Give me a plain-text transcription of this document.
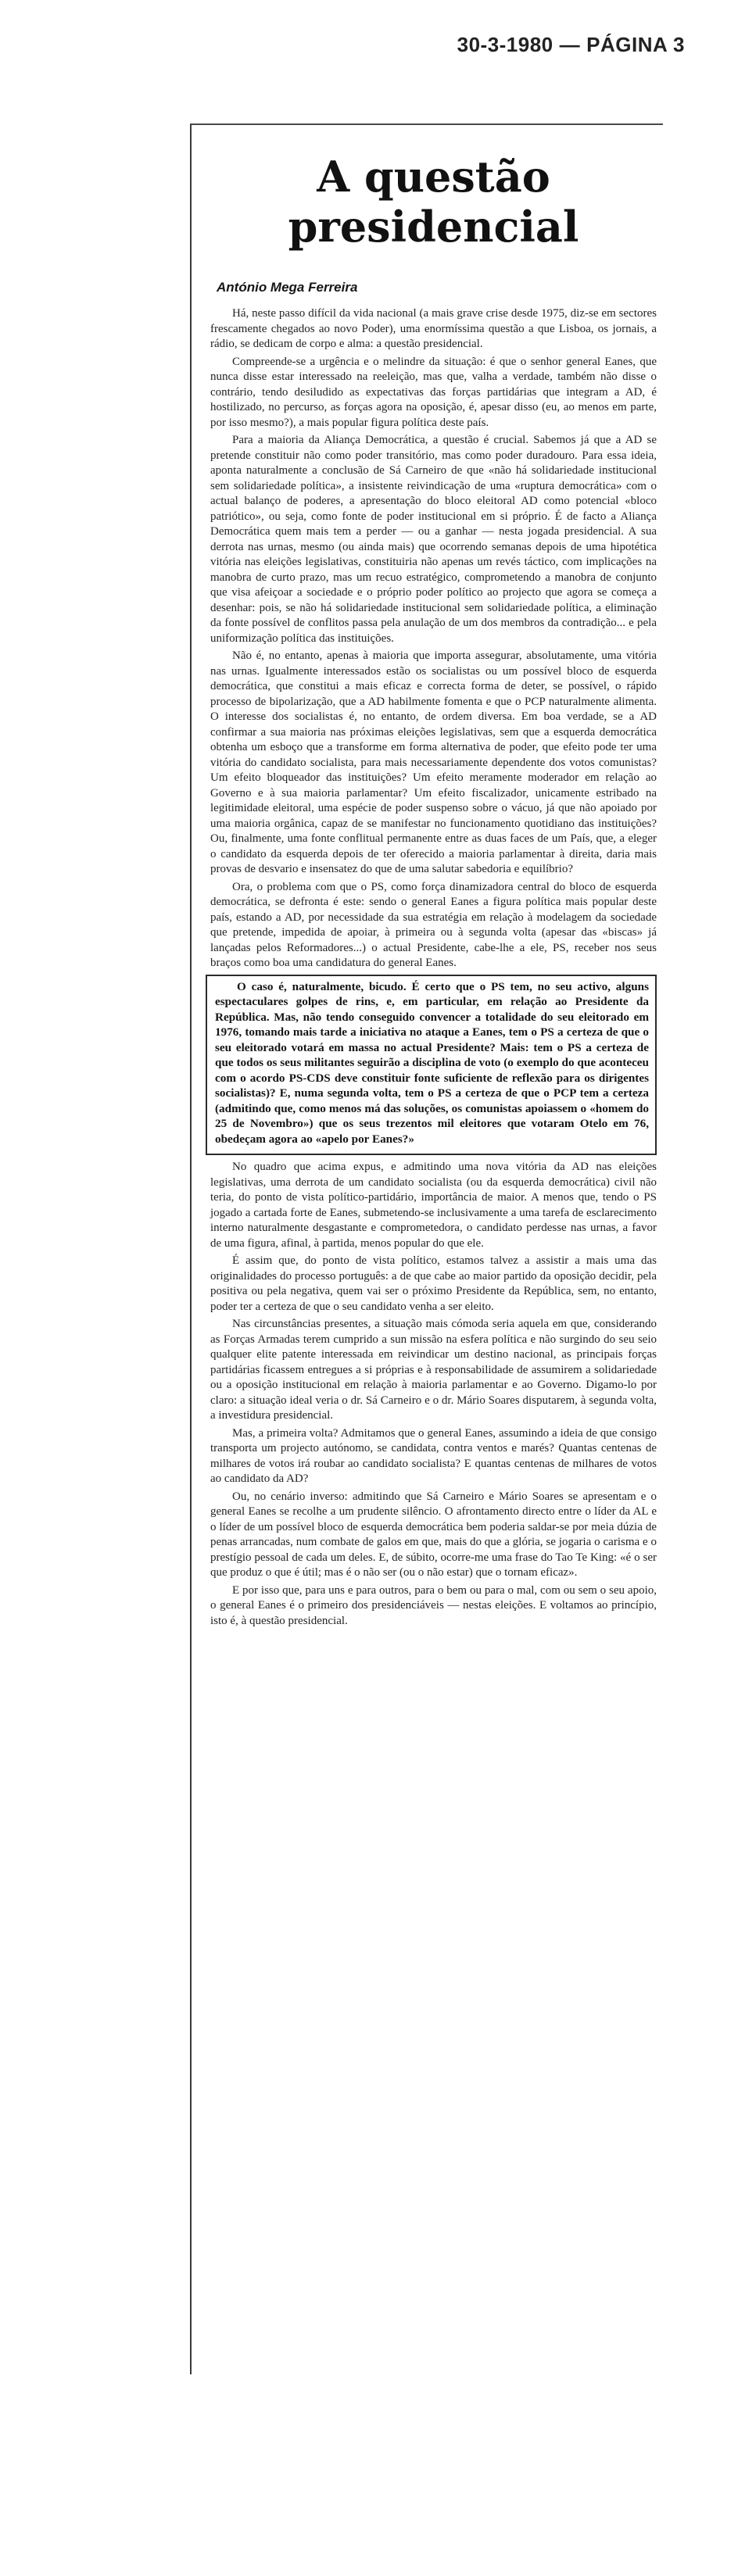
30-3-1980 — PÁGINA 3
A questão
presidencial
António Mega Ferreira

Há, neste passo difícil da vida nacional (a mais grave crise desde 1975, diz-se em sectores frescamente chegados ao novo Poder), uma enormíssima questão a que Lisboa, os jornais, a rádio, se dedicam de corpo e alma: a questão presidencial.

Compreende-se a urgência e o melindre da situação: é que o senhor general Eanes, que nunca disse estar interessado na reeleição, mas que, valha a verdade, também não disse o contrário, tendo desiludido as expectativas das forças partidárias que integram a AD, é hostilizado, no percurso, as forças agora na oposição, é, apesar disso (eu, ao menos em parte, por isso mesmo?), a mais popular figura política deste país.

Para a maioria da Aliança Democrática, a questão é crucial. Sabemos já que a AD se pretende constituir não como poder transitório, mas como poder duradouro. Para essa ideia, aponta naturalmente a conclusão de Sá Carneiro de que «não há solidariedade institucional sem solidariedade política», a insistente reivindicação de uma «ruptura democrática» com o actual balanço de poderes, a apresentação do bloco eleitoral AD como potencial «bloco patriótico», ou seja, como fonte de poder institucional em si próprio. É de facto a Aliança Democrática quem mais tem a perder — ou a ganhar — nesta jogada presidencial. A sua derrota nas urnas, mesmo (ou ainda mais) que ocorrendo semanas depois de uma hipotética vitória nas eleições legislativas, constituiria não apenas um revés táctico, com implicações na manobra de curto prazo, mas um recuo estratégico, comprometendo a manobra de conjunto que visa afeiçoar a sociedade e o próprio poder político ao projecto que agora se começa a desenhar: pois, se não há solidariedade institucional sem solidariedade política, a eliminação da fonte possível de conflitos passa pela anulação de um dos membros da contradição... e pela uniformização política das instituições.

Não é, no entanto, apenas à maioria que importa assegurar, absolutamente, uma vitória nas urnas. Igualmente interessados estão os socialistas ou um possível bloco de esquerda democrática, que constitui a mais eficaz e correcta forma de deter, se possível, o rápido processo de bipolarização, que a AD habilmente fomenta e que o PCP naturalmente alimenta. O interesse dos socialistas é, no entanto, de ordem diversa. Em boa verdade, se a AD confirmar a sua maioria nas próximas eleições legislativas, sem que a esquerda democrática obtenha um esboço que a transforme em forma alternativa de poder, que efeito pode ter uma vitória do candidato socialista, para mais necessariamente dependente dos votos comunistas? Um efeito bloqueador das instituições? Um efeito meramente moderador em relação ao Governo e à sua maioria parlamentar? Um efeito fiscalizador, unicamente estribado na legitimidade eleitoral, uma espécie de poder suspenso sobre o vácuo, já que não apoiado por uma maioria orgânica, capaz de se manifestar no funcionamento quotidiano das instituições? Ou, finalmente, uma fonte conflitual permanente entre as duas faces de um País, que, a eleger o candidato da esquerda depois de ter oferecido a maioria parlamentar à direita, daria mais provas de desvario e insensatez do que de uma salutar sabedoria e equilíbrio?

Ora, o problema com que o PS, como força dinamizadora central do bloco de esquerda democrática, se defronta é este: sendo o general Eanes a figura política mais popular deste país, estando a AD, por necessidade da sua estratégia em relação à modelagem da sociedade que pretende, impedida de apoiar, à primeira ou à segunda volta (apesar das «biscas» já lançadas pelos Reformadores...) o actual Presidente, cabe-lhe a ele, PS, receber nos seus braços como boa uma candidatura do general Eanes.

O caso é, naturalmente, bicudo. É certo que o PS tem, no seu activo, alguns espectaculares golpes de rins, e, em particular, em relação ao Presidente da República. Mas, não tendo conseguido convencer a totalidade do seu eleitorado em 1976, tomando mais tarde a iniciativa no ataque a Eanes, tem o PS a certeza de que o seu eleitorado votará em massa no actual Presidente? Mais: tem o PS a certeza de que todos os seus militantes seguirão a disciplina de voto (o exemplo do que aconteceu com o acordo PS-CDS deve constituir fonte suficiente de reflexão para os dirigentes socialistas)? E, numa segunda volta, tem o PS a certeza de que o PCP tem a certeza (admitindo que, como menos má das soluções, os comunistas apoiassem o «homem do 25 de Novembro») que os seus trezentos mil eleitores que votaram Otelo em 76, obedeçam agora ao «apelo por Eanes?»

No quadro que acima expus, e admitindo uma nova vitória da AD nas eleições legislativas, uma derrota de um candidato socialista (ou da esquerda democrática) civil não teria, do ponto de vista político-partidário, importância de maior. A menos que, tendo o PS jogado a cartada forte de Eanes, submetendo-se inclusivamente a uma tarefa de esclarecimento interno naturalmente desgastante e comprometedora, o candidato perdesse nas urnas, a favor de uma figura, afinal, à partida, menos popular do que ele.

É assim que, do ponto de vista político, estamos talvez a assistir a mais uma das originalidades do processo português: a de que cabe ao maior partido da oposição decidir, pela positiva ou pela negativa, quem vai ser o próximo Presidente da República, sem, no entanto, poder ter a certeza de que o seu candidato venha a ser eleito.

Nas circunstâncias presentes, a situação mais cómoda seria aquela em que, considerando as Forças Armadas terem cumprido a sun missão na esfera política e não surgindo do seu seio qualquer elite patente interessada em reivindicar um destino nacional, as principais forças partidárias ficassem entregues a si próprias e à responsabilidade de assumirem a solidariedade ou a oposição institucional em relação à maioria parlamentar e ao Governo. Digamo-lo por claro: a situação ideal veria o dr. Sá Carneiro e o dr. Mário Soares disputarem, à segunda volta, a investidura presidencial.

Mas, a primeira volta? Admitamos que o general Eanes, assumindo a ideia de que consigo transporta um projecto autónomo, se candidata, contra ventos e marés? Quantas centenas de milhares de votos irá roubar ao candidato socialista? E quantas centenas de milhares de votos ao candidato da AD?

Ou, no cenário inverso: admitindo que Sá Carneiro e Mário Soares se apresentam e o general Eanes se recolhe a um prudente silêncio. O afrontamento directo entre o líder da AL e o líder de um possível bloco de esquerda democrática bem poderia saldar-se por meia dúzia de penas arrancadas, num combate de galos em que, mais do que a glória, se jogaria o carisma e o prestígio pessoal de cada um deles. E, de súbito, ocorre-me uma frase do Tao Te King: «é o ser que produz o que é útil; mas é o não ser (ou o não estar) que o tornam eficaz».

E por isso que, para uns e para outros, para o bem ou para o mal, com ou sem o seu apoio, o general Eanes é o primeiro dos presidenciáveis — nestas eleições. E voltamos ao princípio, isto é, à questão presidencial.
